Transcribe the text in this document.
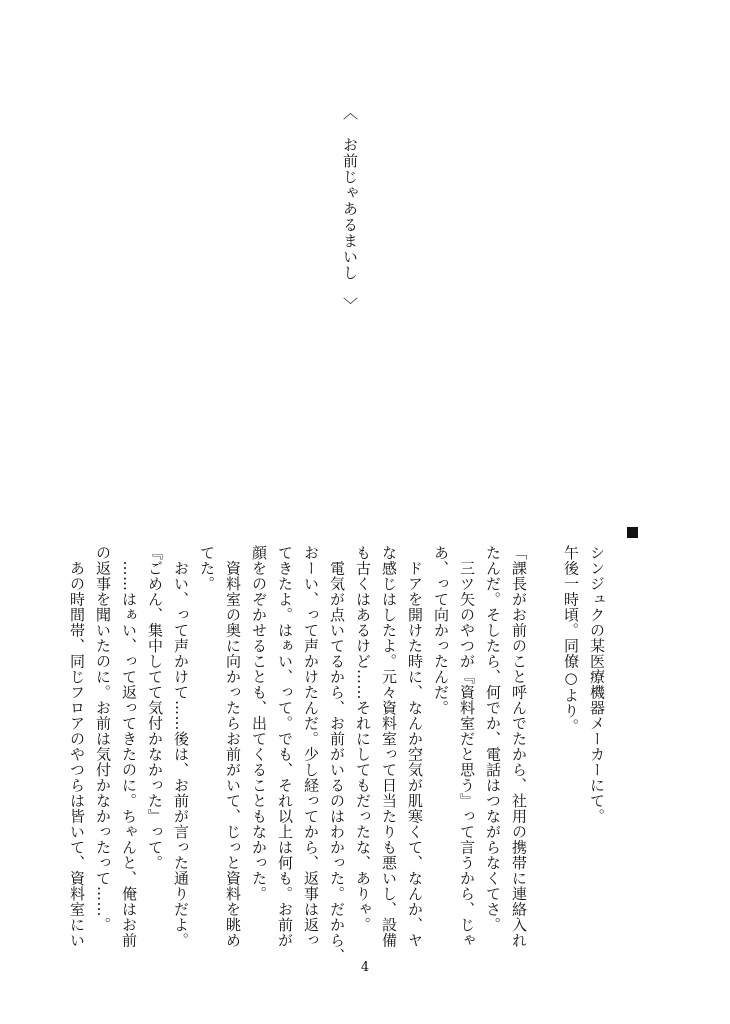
〈　お前じゃあるまいし　〉

シンジュクの某医療機器メーカーにて。

午後一時頃。同僚○より。

「課長がお前のこと呼んでたから、社用の携帯に連絡入れ

たんだ。そしたら、何でか、電話はつながらなくてさ。

　三ツ矢のやつが『資料室だと思う』って言うから、じゃ

あ、って向かったんだ。

　ドアを開けた時に、なんか空気が肌寒くて、なんか、ヤ

な感じはしたよ。元々資料室って日当たりも悪いし、設備

も古くはあるけど……それにしてもだったな、ありゃ。

　電気が点いてるから、お前がいるのはわかった。だから、

おーい、って声かけたんだ。少し経ってから、返事は返っ

てきたよ。はぁい、って。でも、それ以上は何も。お前が

顔をのぞかせることも、出てくることもなかった。

　資料室の奥に向かったらお前がいて、じっと資料を眺め

てた。

　おい、って声かけて……後は、お前が言った通りだよ。

『ごめん、集中してて気付かなかった』って。

　……はぁい、って返ってきたのに。ちゃんと、俺はお前

の返事を聞いたのに。お前は気付かなかったって……。

　あの時間帯、同じフロアのやつらは皆いて、資料室にい

4
